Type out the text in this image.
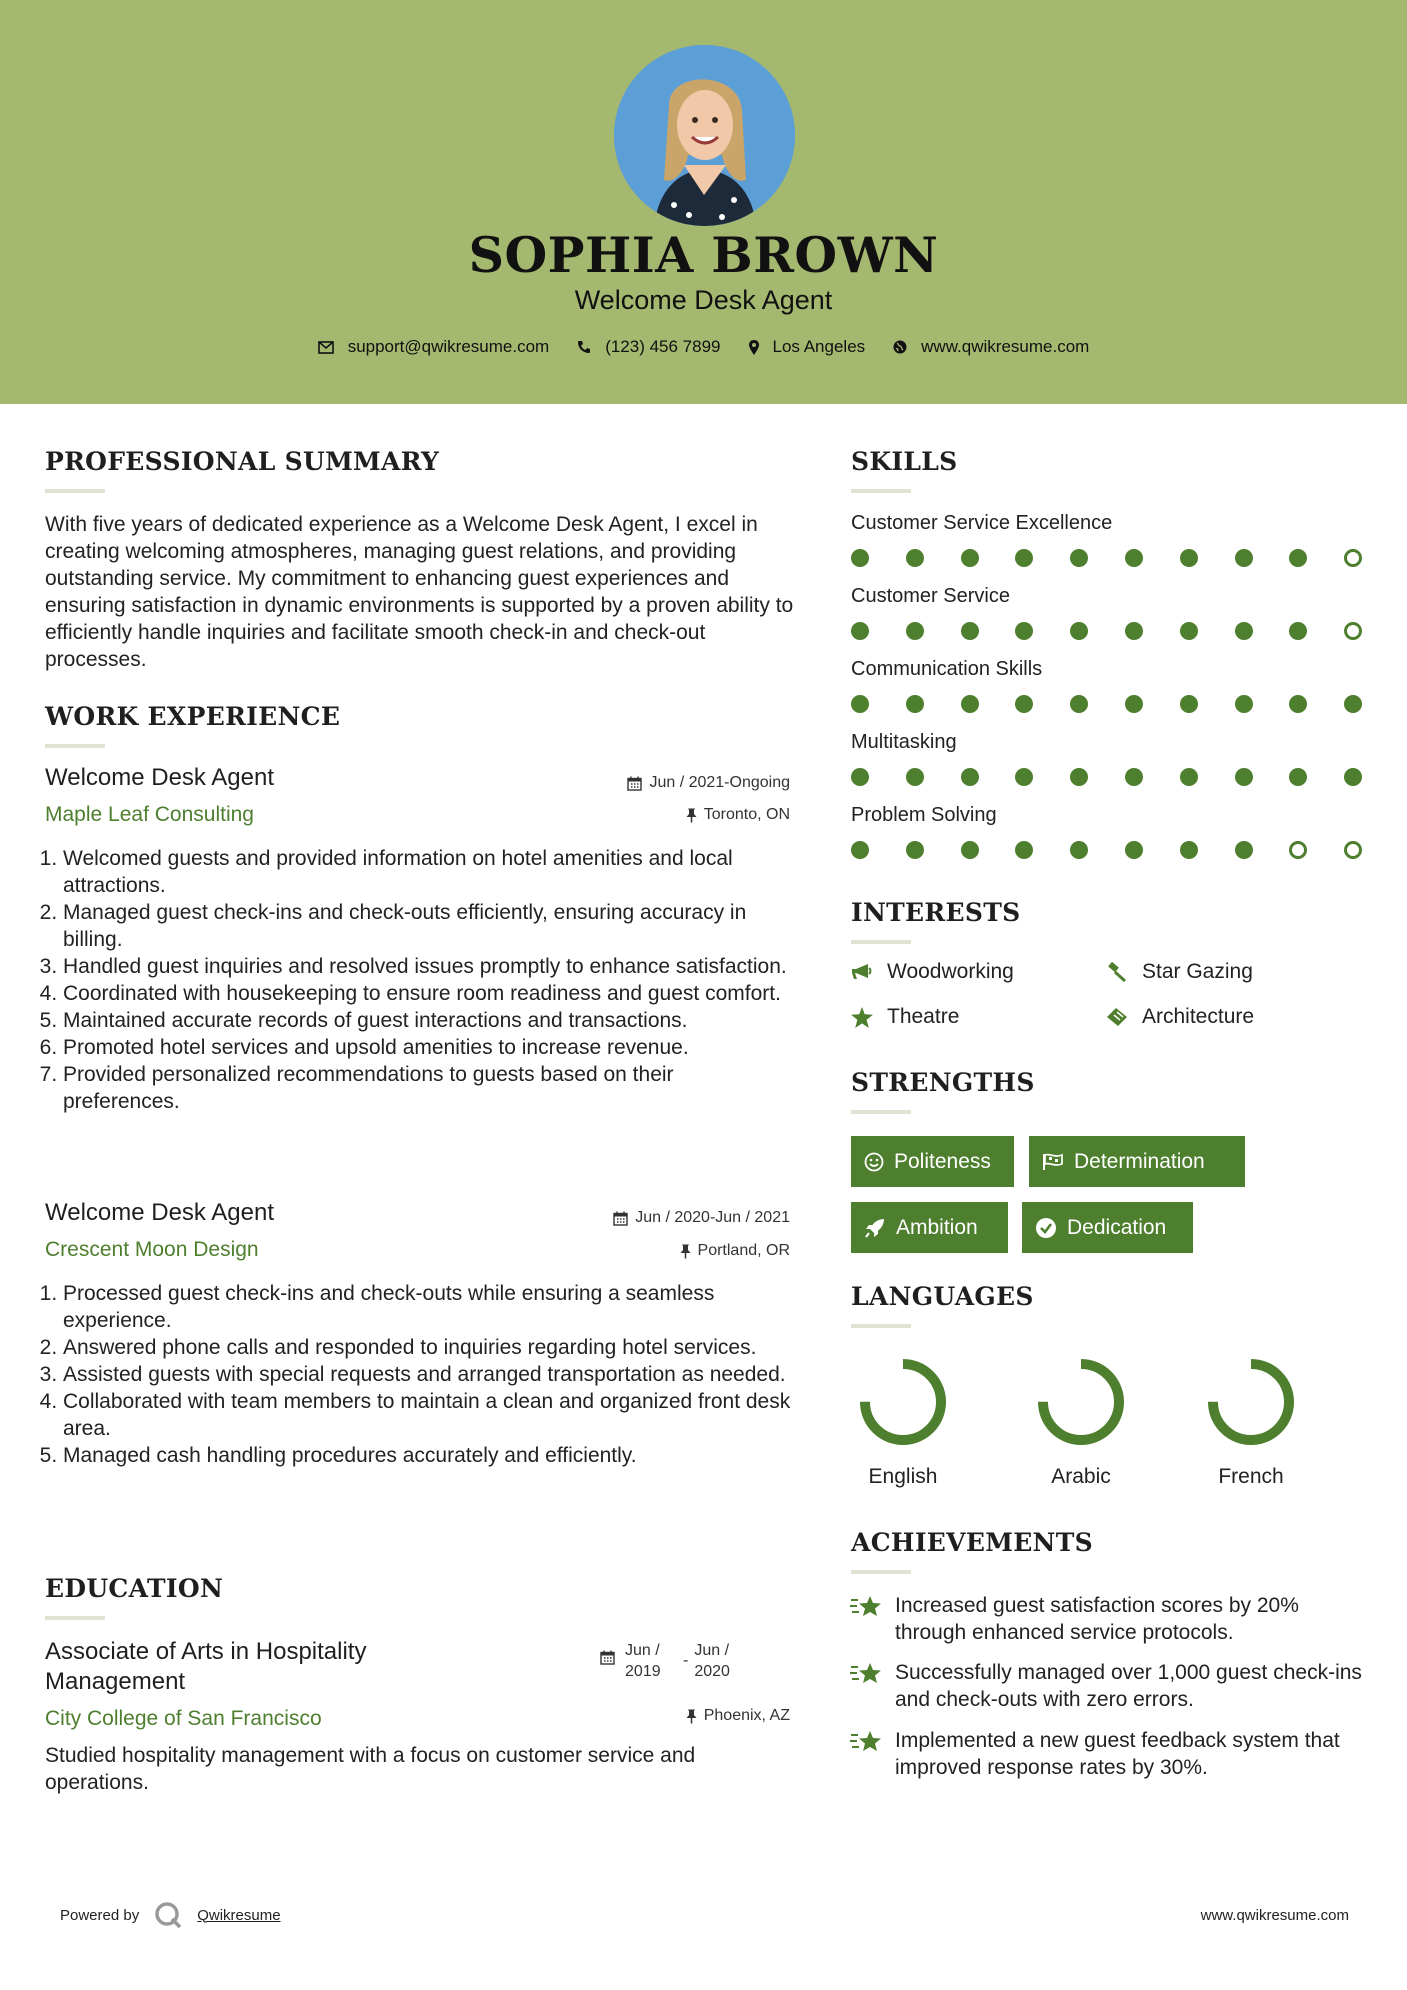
SOPHIA BROWN
Welcome Desk Agent
support@qwikresume.com	(123) 456 7899	Los Angeles	www.qwikresume.com
PROFESSIONAL SUMMARY
With five years of dedicated experience as a Welcome Desk Agent, I excel in creating welcoming atmospheres, managing guest relations, and providing outstanding service. My commitment to enhancing guest experiences and ensuring satisfaction in dynamic environments is supported by a proven ability to efficiently handle inquiries and facilitate smooth check-in and check-out processes.
WORK EXPERIENCE
Welcome Desk Agent	Jun / 2021-Ongoing
Maple Leaf Consulting	Toronto, ON
1. Welcomed guests and provided information on hotel amenities and local attractions.
2. Managed guest check-ins and check-outs efficiently, ensuring accuracy in billing.
3. Handled guest inquiries and resolved issues promptly to enhance satisfaction.
4. Coordinated with housekeeping to ensure room readiness and guest comfort.
5. Maintained accurate records of guest interactions and transactions.
6. Promoted hotel services and upsold amenities to increase revenue.
7. Provided personalized recommendations to guests based on their preferences.
Welcome Desk Agent	Jun / 2020-Jun / 2021
Crescent Moon Design	Portland, OR
1. Processed guest check-ins and check-outs while ensuring a seamless experience.
2. Answered phone calls and responded to inquiries regarding hotel services.
3. Assisted guests with special requests and arranged transportation as needed.
4. Collaborated with team members to maintain a clean and organized front desk area.
5. Managed cash handling procedures accurately and efficiently.
EDUCATION
Associate of Arts in Hospitality Management
Jun / 2019
-
Jun / 2020
City College of San Francisco	Phoenix, AZ
Studied hospitality management with a focus on customer service and operations.
SKILLS
Customer Service Excellence
Customer Service
Communication Skills
Multitasking
Problem Solving
INTERESTS
Woodworking	Star Gazing
Theatre	Architecture
STRENGTHS
Politeness	Determination
Ambition	Dedication
LANGUAGES
English	Arabic	French
ACHIEVEMENTS
Increased guest satisfaction scores by 20% through enhanced service protocols.
Successfully managed over 1,000 guest check-ins and check-outs with zero errors.
Implemented a new guest feedback system that improved response rates by 30%.
Powered by	Qwikresume	www.qwikresume.com
